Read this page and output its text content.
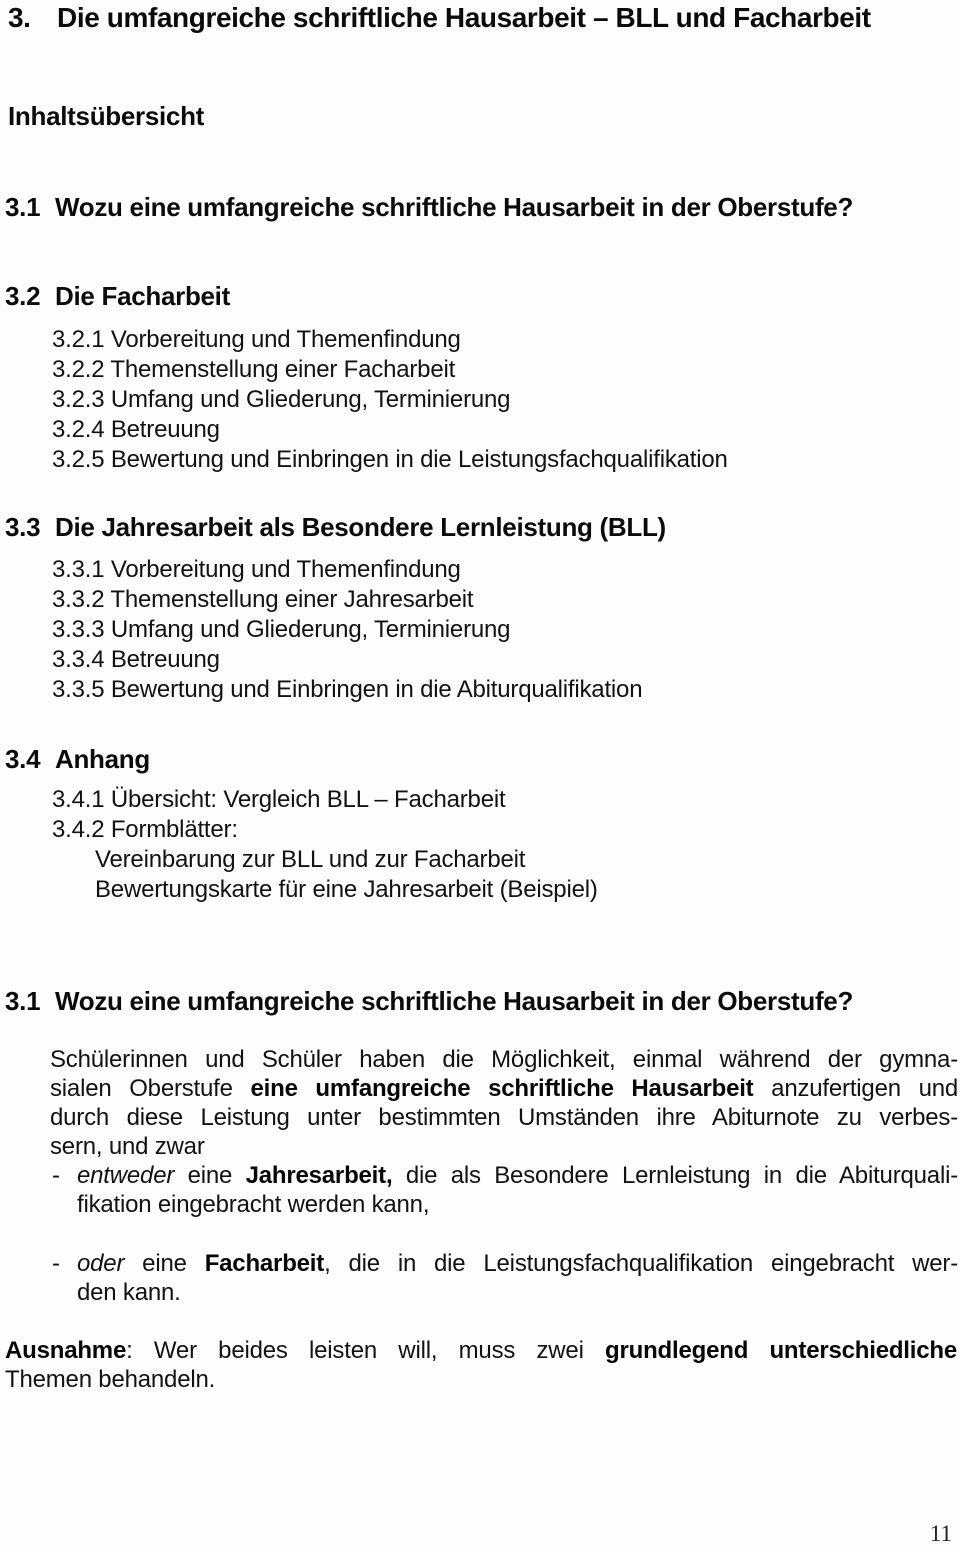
3. Die umfangreiche schriftliche Hausarbeit – BLL und Facharbeit
Inhaltsübersicht
3.1 Wozu eine umfangreiche schriftliche Hausarbeit in der Oberstufe?
3.2 Die Facharbeit
3.2.1 Vorbereitung und Themenfindung
3.2.2 Themenstellung einer Facharbeit
3.2.3 Umfang und Gliederung, Terminierung
3.2.4 Betreuung
3.2.5 Bewertung und Einbringen in die Leistungsfachqualifikation
3.3 Die Jahresarbeit als Besondere Lernleistung (BLL)
3.3.1 Vorbereitung und Themenfindung
3.3.2 Themenstellung einer Jahresarbeit
3.3.3 Umfang und Gliederung, Terminierung
3.3.4 Betreuung
3.3.5 Bewertung und Einbringen in die Abiturqualifikation
3.4 Anhang
3.4.1 Übersicht: Vergleich BLL – Facharbeit
3.4.2 Formblätter:
Vereinbarung zur BLL und zur Facharbeit
Bewertungskarte für eine Jahresarbeit (Beispiel)
3.1 Wozu eine umfangreiche schriftliche Hausarbeit in der Oberstufe?
Schülerinnen und Schüler haben die Möglichkeit, einmal während der gymna-
sialen Oberstufe eine umfangreiche schriftliche Hausarbeit anzufertigen und
durch diese Leistung unter bestimmten Umständen ihre Abiturnote zu verbes-
sern, und zwar
- entweder eine Jahresarbeit, die als Besondere Lernleistung in die Abiturquali-
fikation eingebracht werden kann,
- oder eine Facharbeit, die in die Leistungsfachqualifikation eingebracht wer-
den kann.
Ausnahme: Wer beides leisten will, muss zwei grundlegend unterschiedliche
Themen behandeln.
11
